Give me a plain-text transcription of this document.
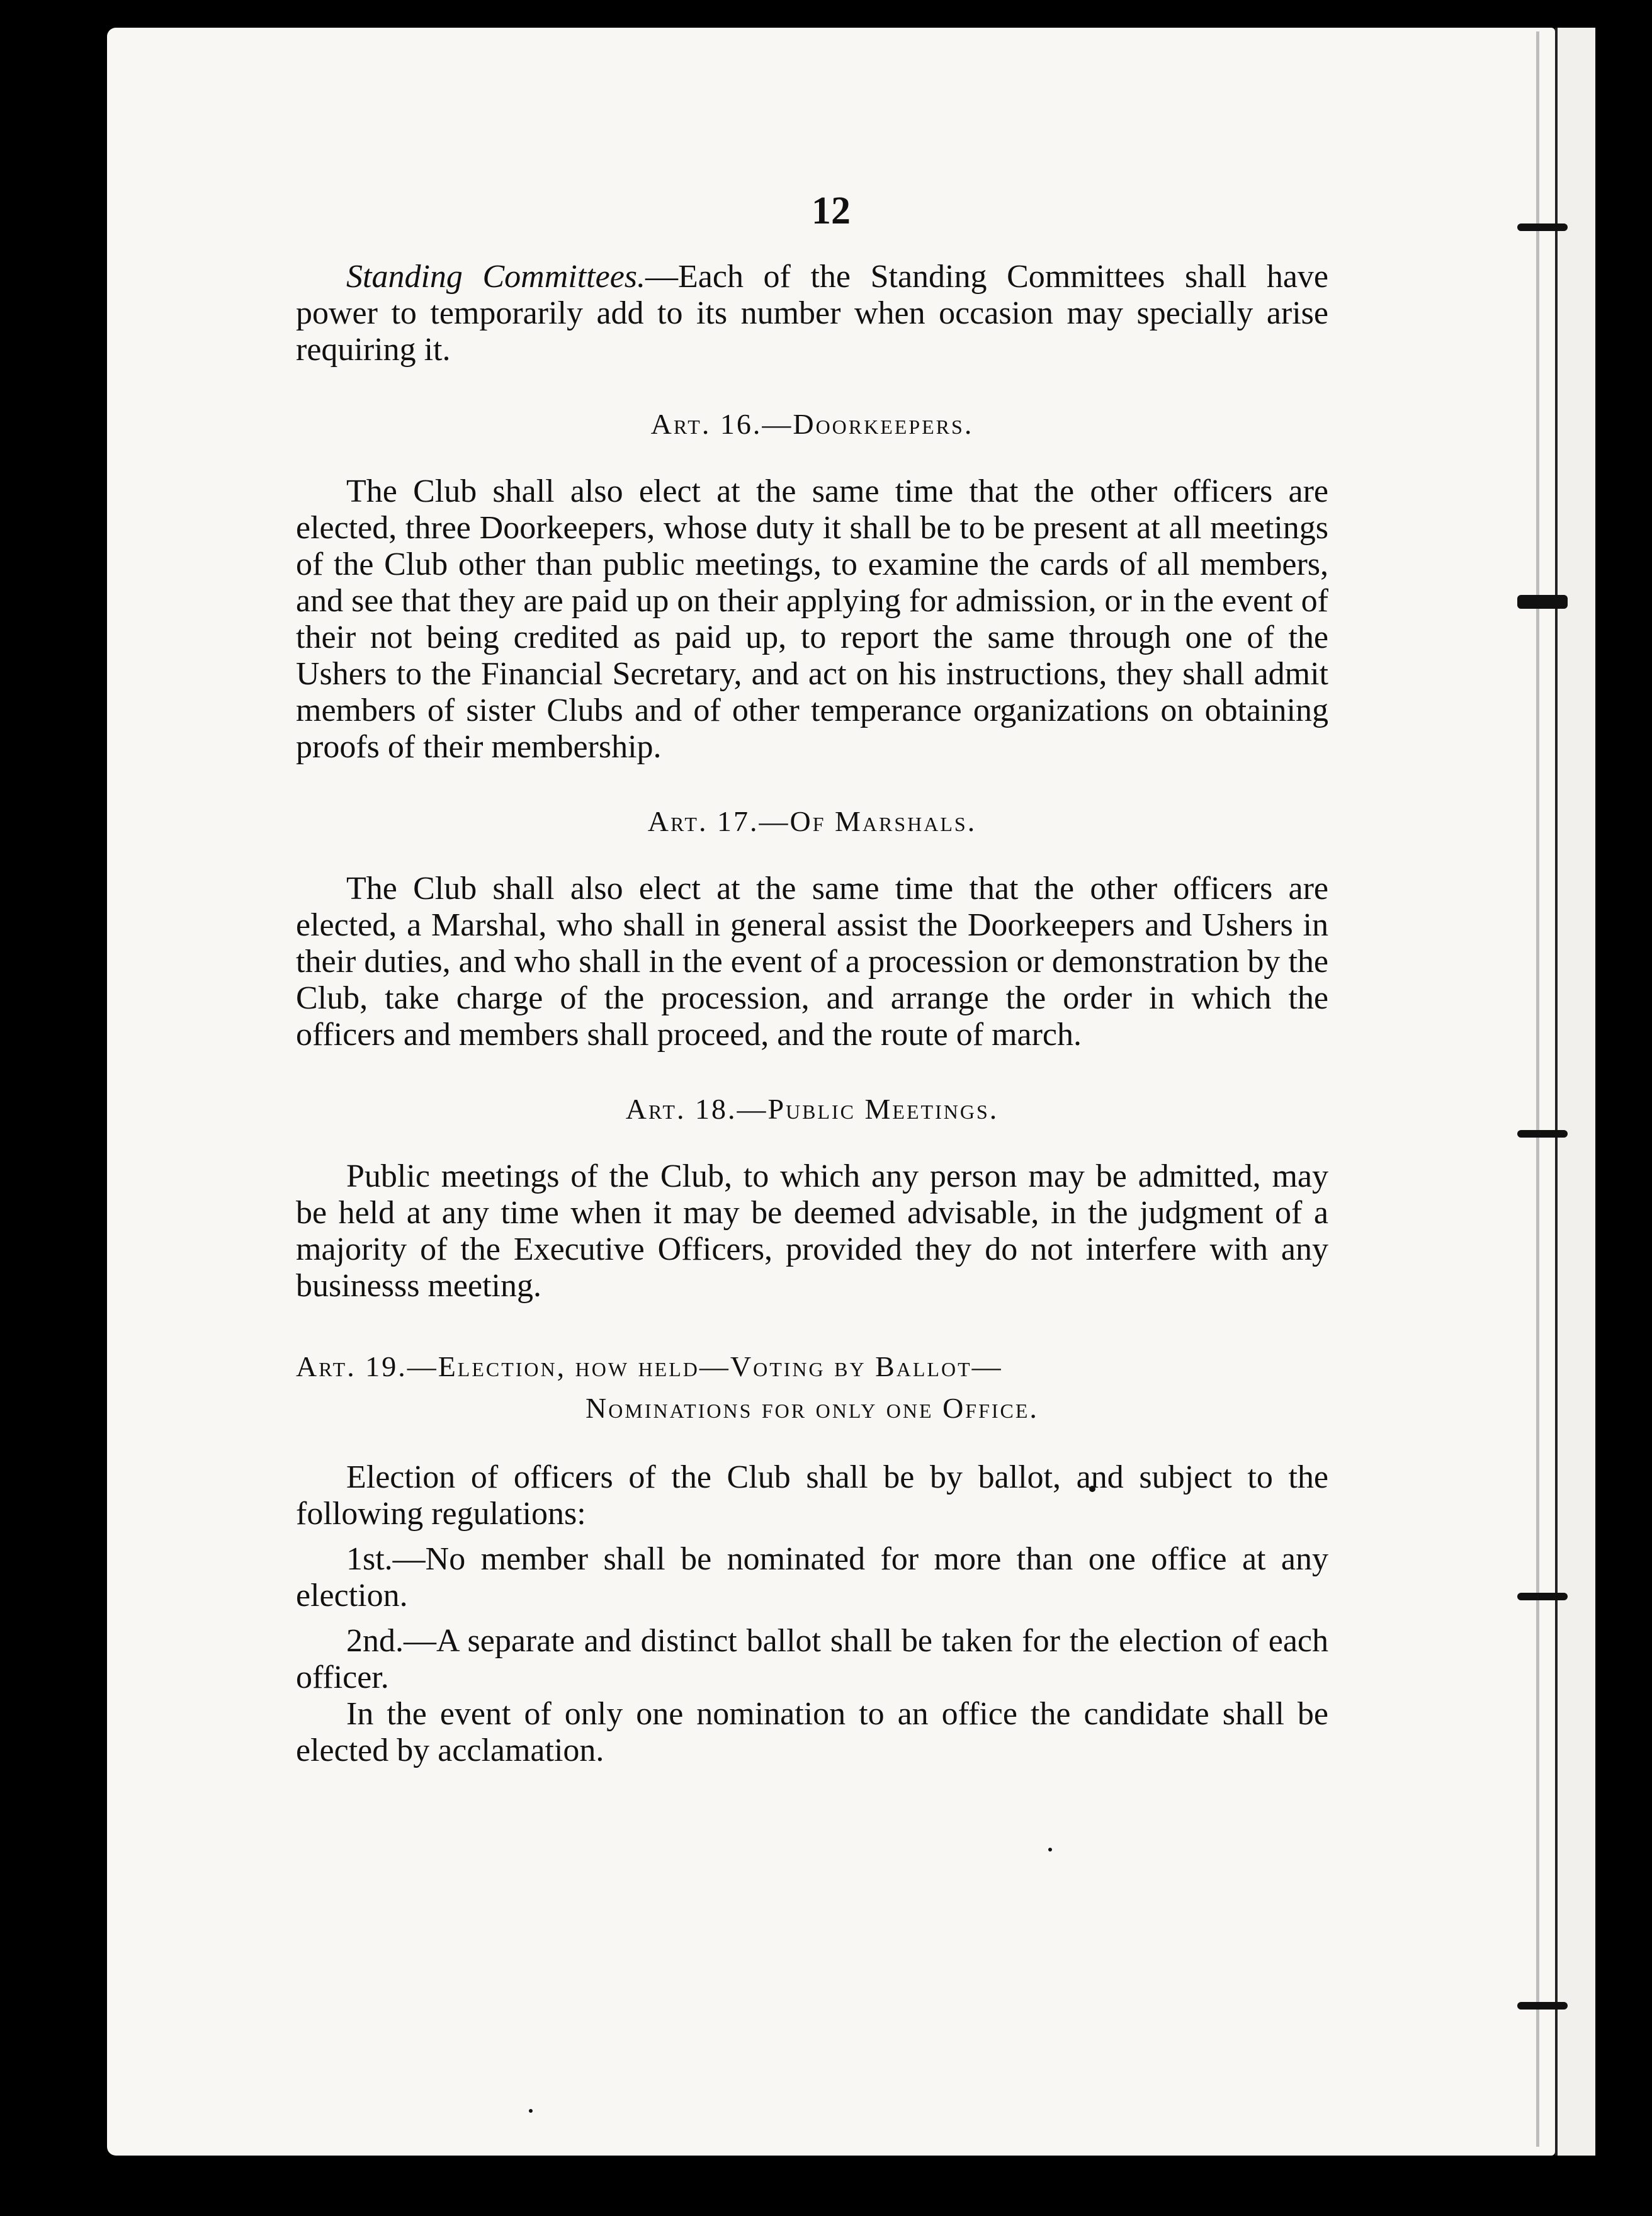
12

Standing Committees.—Each of the Standing Committees shall have power to temporarily add to its number when occasion may specially arise requiring it.

Art. 16.—Doorkeepers.

The Club shall also elect at the same time that the other officers are elected, three Doorkeepers, whose duty it shall be to be present at all meetings of the Club other than public meetings, to examine the cards of all members, and see that they are paid up on their applying for admission, or in the event of their not being credited as paid up, to report the same through one of the Ushers to the Financial Secretary, and act on his instructions, they shall admit members of sister Clubs and of other temperance organizations on obtaining proofs of their membership.

Art. 17.—Of Marshals.

The Club shall also elect at the same time that the other officers are elected, a Marshal, who shall in general assist the Doorkeepers and Ushers in their duties, and who shall in the event of a procession or demonstration by the Club, take charge of the procession, and arrange the order in which the officers and members shall proceed, and the route of march.

Art. 18.—Public Meetings.

Public meetings of the Club, to which any person may be admitted, may be held at any time when it may be deemed advisable, in the judgment of a majority of the Executive Officers, provided they do not interfere with any businesss meeting.

Art. 19.—Election, how held—Voting by Ballot—
Nominations for only one Office.

Election of officers of the Club shall be by ballot, and subject to the following regulations:

1st.—No member shall be nominated for more than one office at any election.

2nd.—A separate and distinct ballot shall be taken for the election of each officer.

In the event of only one nomination to an office the candidate shall be elected by acclamation.
